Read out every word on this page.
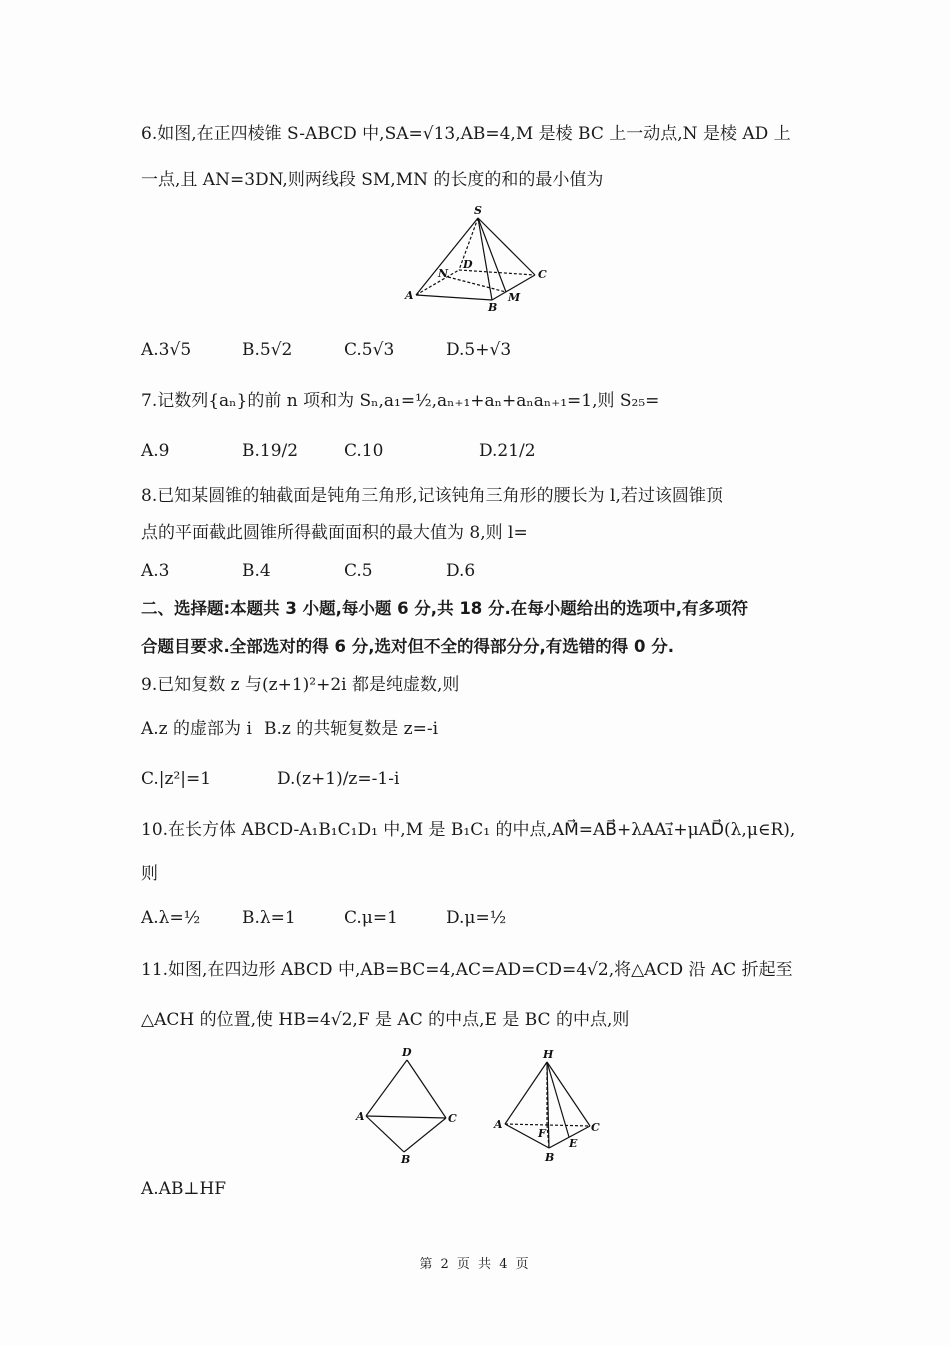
6.如图,在正四棱锥 S-ABCD 中,SA=√13,AB=4,M 是棱 BC 上一动点,N 是棱 AD 上
一点,且 AN=3DN,则两线段 SM,MN 的长度的和的最小值为
S
D
N	C
A
B
M
A.3√5	B.5√2	C.5√3	D.5+√3
7.记数列{aₙ}的前 n 项和为 Sₙ,a₁=½,aₙ₊₁+aₙ+aₙaₙ₊₁=1,则 S₂₅=
A.9	B.19/2	C.10	D.21/2
8.已知某圆锥的轴截面是钝角三角形,记该钝角三角形的腰长为 l,若过该圆锥顶
点的平面截此圆锥所得截面面积的最大值为 8,则 l=
A.3	B.4	C.5	D.6
二、选择题:本题共 3 小题,每小题 6 分,共 18 分.在每小题给出的选项中,有多项符
合题目要求.全部选对的得 6 分,选对但不全的得部分分,有选错的得 0 分.
9.已知复数 z 与(z+1)²+2i 都是纯虚数,则
A.z 的虚部为 i B.z 的共轭复数是 z=-i
C.|z²|=1	D.(z+1)/z=-1-i
10.在长方体 ABCD-A₁B₁C₁D₁ 中,M 是 B₁C₁ 的中点,AM⃗=AB⃗+λAA₁⃗+μAD⃗(λ,μ∈R),
则
A.λ=½ B.λ=1	C.μ=1	D.μ=½
11.如图,在四边形 ABCD 中,AB=BC=4,AC=AD=CD=4√2,将△ACD 沿 AC 折起至
△ACH 的位置,使 HB=4√2,F 是 AC 的中点,E 是 BC 的中点,则
D
A	C
B
H
A
F
E
C
B
A.AB⊥HF
第 2 页 共 4 页
